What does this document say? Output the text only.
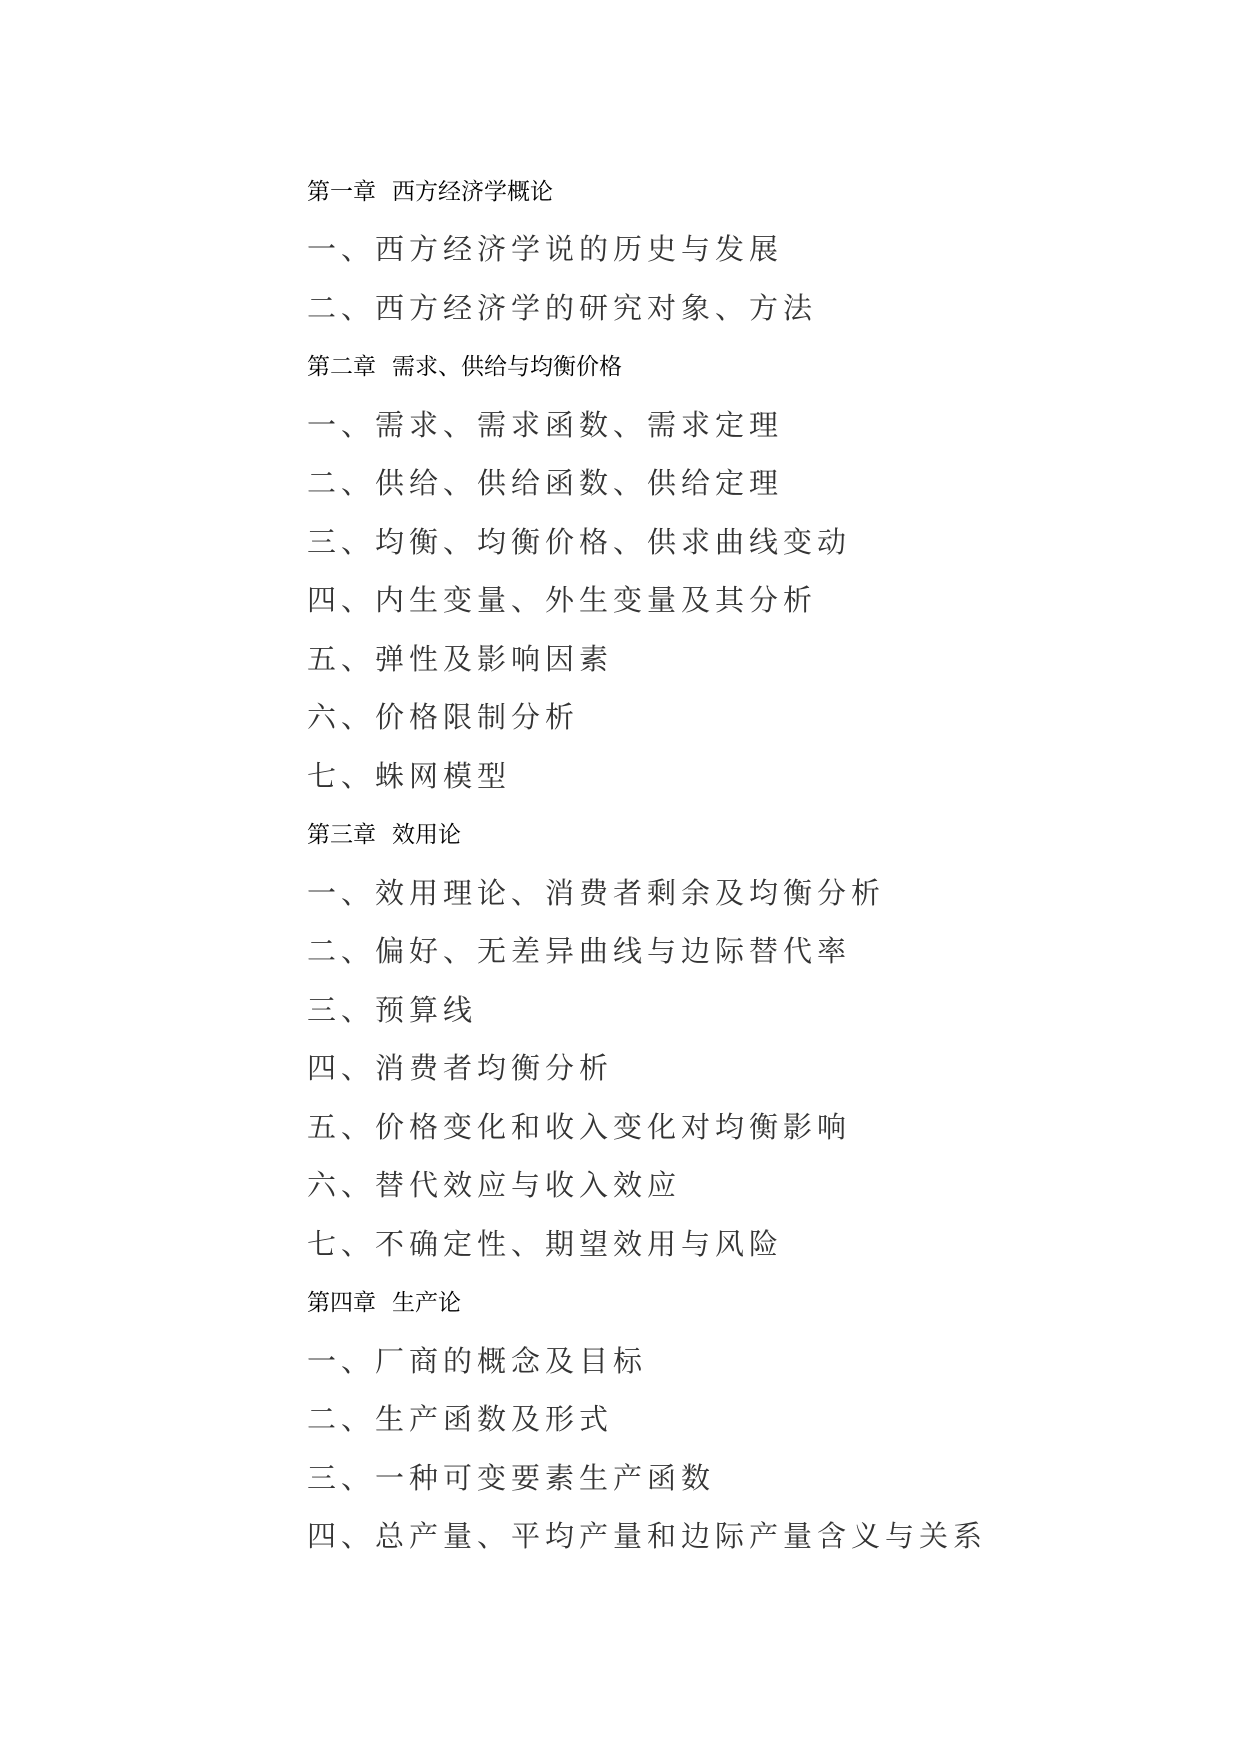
第一章 西方经济学概论
一、西方经济学说的历史与发展
二、西方经济学的研究对象、方法
第二章 需求、供给与均衡价格
一、需求、需求函数、需求定理
二、供给、供给函数、供给定理
三、均衡、均衡价格、供求曲线变动
四、内生变量、外生变量及其分析
五、弹性及影响因素
六、价格限制分析
七、蛛网模型
第三章 效用论
一、效用理论、消费者剩余及均衡分析
二、偏好、无差异曲线与边际替代率
三、预算线
四、消费者均衡分析
五、价格变化和收入变化对均衡影响
六、替代效应与收入效应
七、不确定性、期望效用与风险
第四章 生产论
一、厂商的概念及目标
二、生产函数及形式
三、一种可变要素生产函数
四、总产量、平均产量和边际产量含义与关系
